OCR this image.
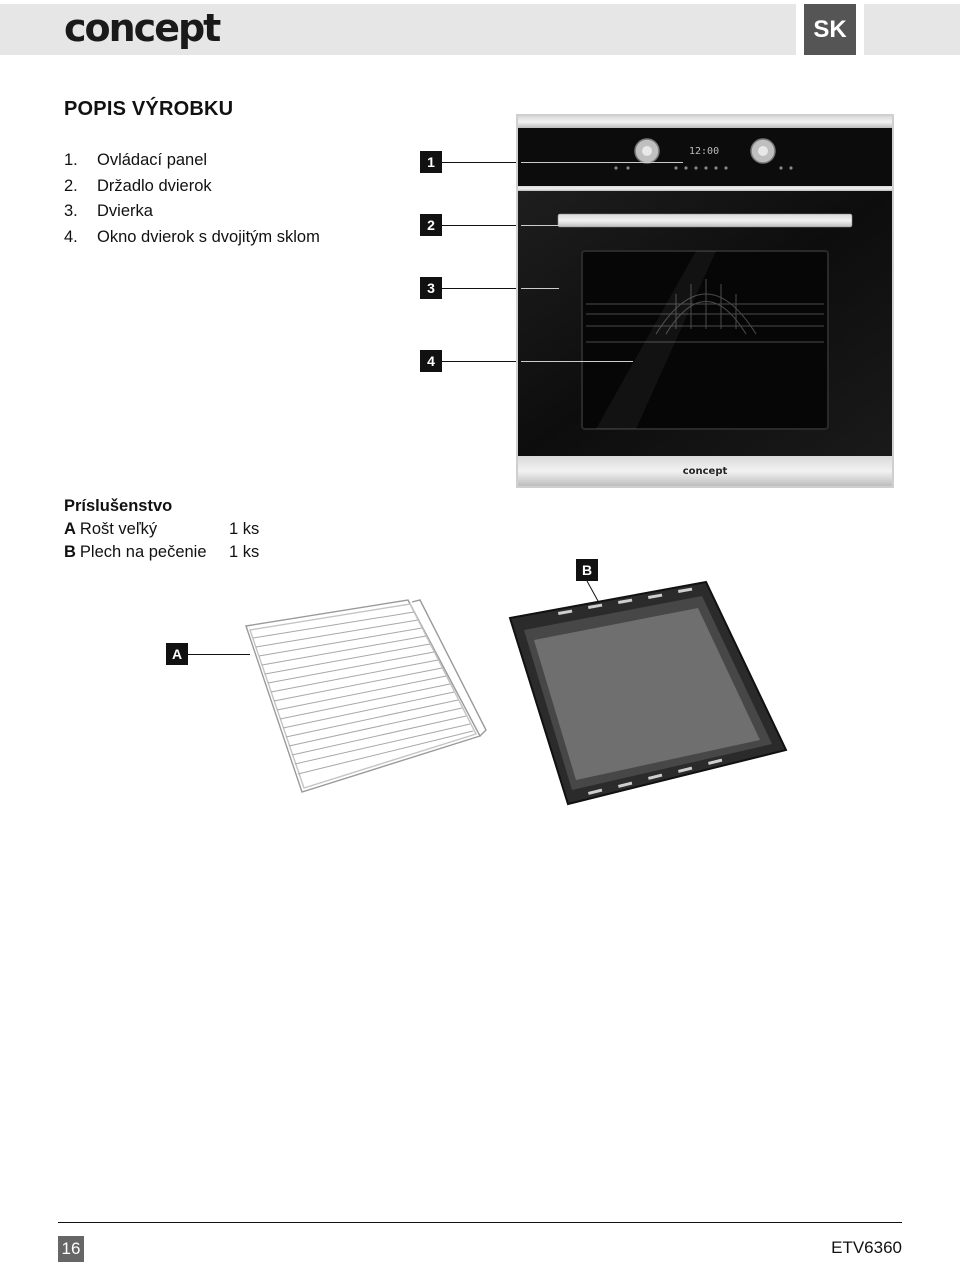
concept	SK
POPIS VÝROBKU
1.	Ovládací panel
2.	Držadlo dvierok
3.	Dvierka
4.	Okno dvierok s dvojitým sklom
12:00
concept
1
2
3
4
Príslušenstvo
A Rošt veľký	1 ks
B Plech na pečenie	1 ks
A
B
16	ETV6360
